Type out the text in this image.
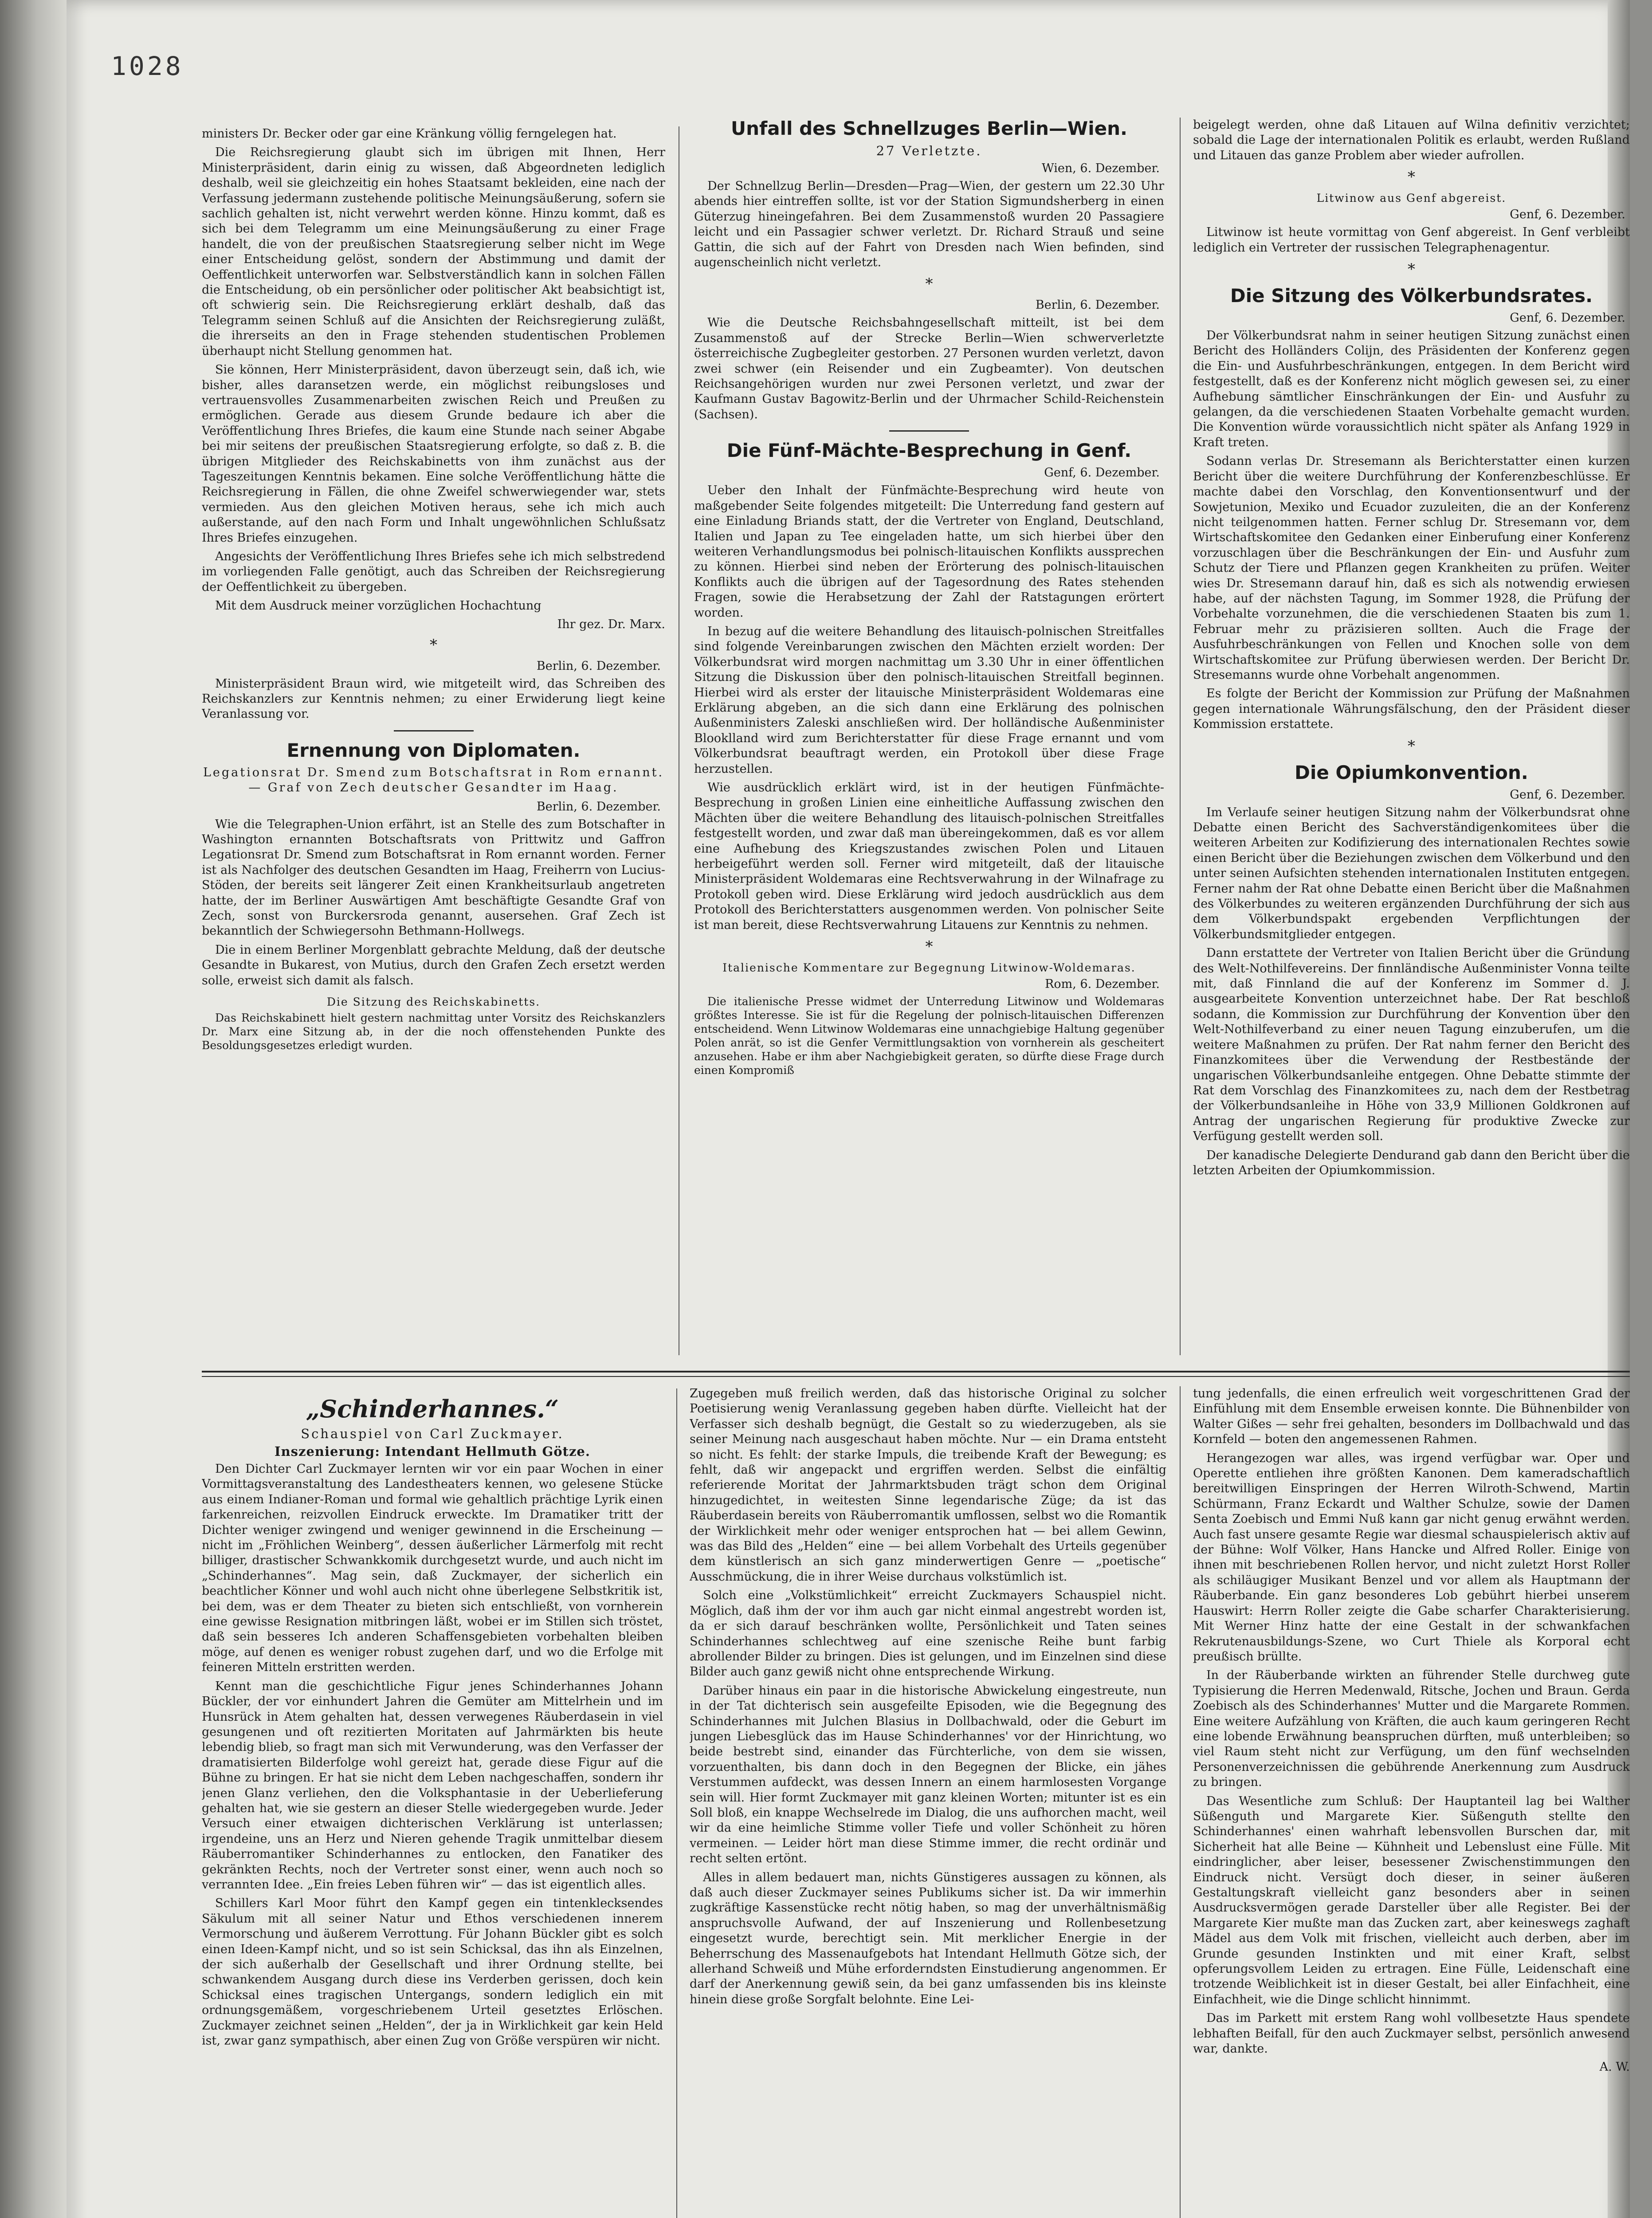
1028

ministers Dr. Becker oder gar eine Kränkung völlig ferngelegen hat.

Die Reichsregierung glaubt sich im übrigen mit Ihnen, Herr Ministerpräsident, darin einig zu wissen, daß Abgeordneten lediglich deshalb, weil sie gleichzeitig ein hohes Staatsamt bekleiden, eine nach der Verfassung jedermann zustehende politische Meinungsäußerung, sofern sie sachlich gehalten ist, nicht verwehrt werden könne. Hinzu kommt, daß es sich bei dem Telegramm um eine Meinungsäußerung zu einer Frage handelt, die von der preußischen Staatsregierung selber nicht im Wege einer Entscheidung gelöst, sondern der Abstimmung und damit der Oeffentlichkeit unterworfen war. Selbstverständlich kann in solchen Fällen die Entscheidung, ob ein persönlicher oder politischer Akt beabsichtigt ist, oft schwierig sein. Die Reichsregierung erklärt deshalb, daß das Telegramm seinen Schluß auf die Ansichten der Reichsregierung zuläßt, die ihrerseits an den in Frage stehenden studentischen Problemen überhaupt nicht Stellung genommen hat.

Sie können, Herr Ministerpräsident, davon überzeugt sein, daß ich, wie bisher, alles daransetzen werde, ein möglichst reibungsloses und vertrauensvolles Zusammenarbeiten zwischen Reich und Preußen zu ermöglichen. Gerade aus diesem Grunde bedaure ich aber die Veröffentlichung Ihres Briefes, die kaum eine Stunde nach seiner Abgabe bei mir seitens der preußischen Staatsregierung erfolgte, so daß z. B. die übrigen Mitglieder des Reichskabinetts von ihm zunächst aus der Tageszeitungen Kenntnis bekamen. Eine solche Veröffentlichung hätte die Reichsregierung in Fällen, die ohne Zweifel schwerwiegender war, stets vermieden. Aus den gleichen Motiven heraus, sehe ich mich auch außerstande, auf den nach Form und Inhalt ungewöhnlichen Schlußsatz Ihres Briefes einzugehen.

Angesichts der Veröffentlichung Ihres Briefes sehe ich mich selbstredend im vorliegenden Falle genötigt, auch das Schreiben der Reichsregierung der Oeffentlichkeit zu übergeben.

Mit dem Ausdruck meiner vorzüglichen Hochachtung

Ihr gez. Dr. Marx.
*
Berlin, 6. Dezember.

Ministerpräsident Braun wird, wie mitgeteilt wird, das Schreiben des Reichskanzlers zur Kenntnis nehmen; zu einer Erwiderung liegt keine Veranlassung vor.

Ernennung von Diplomaten.
Legationsrat Dr. Smend zum Botschaftsrat in Rom ernannt. — Graf von Zech deutscher Gesandter im Haag.
Berlin, 6. Dezember.

Wie die Telegraphen-Union erfährt, ist an Stelle des zum Botschafter in Washington ernannten Botschaftsrats von Prittwitz und Gaffron Legationsrat Dr. Smend zum Botschaftsrat in Rom ernannt worden. Ferner ist als Nachfolger des deutschen Gesandten im Haag, Freiherrn von Lucius-Stöden, der bereits seit längerer Zeit einen Krankheitsurlaub angetreten hatte, der im Berliner Auswärtigen Amt beschäftigte Gesandte Graf von Zech, sonst von Burckersroda genannt, ausersehen. Graf Zech ist bekanntlich der Schwiegersohn Bethmann-Hollwegs.

Die in einem Berliner Morgenblatt gebrachte Meldung, daß der deutsche Gesandte in Bukarest, von Mutius, durch den Grafen Zech ersetzt werden solle, erweist sich damit als falsch.

Die Sitzung des Reichskabinetts.

Das Reichskabinett hielt gestern nachmittag unter Vorsitz des Reichskanzlers Dr. Marx eine Sitzung ab, in der die noch offenstehenden Punkte des Besoldungsgesetzes erledigt wurden.

Unfall des Schnellzuges Berlin—Wien.
27 Verletzte.
Wien, 6. Dezember.

Der Schnellzug Berlin—Dresden—Prag—Wien, der gestern um 22.30 Uhr abends hier eintreffen sollte, ist vor der Station Sigmundsherberg in einen Güterzug hineingefahren. Bei dem Zusammenstoß wurden 20 Passagiere leicht und ein Passagier schwer verletzt. Dr. Richard Strauß und seine Gattin, die sich auf der Fahrt von Dresden nach Wien befinden, sind augenscheinlich nicht verletzt.

*
Berlin, 6. Dezember.

Wie die Deutsche Reichsbahngesellschaft mitteilt, ist bei dem Zusammenstoß auf der Strecke Berlin—Wien schwerverletzte österreichische Zugbegleiter gestorben. 27 Personen wurden verletzt, davon zwei schwer (ein Reisender und ein Zugbeamter). Von deutschen Reichsangehörigen wurden nur zwei Personen verletzt, und zwar der Kaufmann Gustav Bagowitz-Berlin und der Uhrmacher Schild-Reichenstein (Sachsen).

Die Fünf-Mächte-Besprechung in Genf.
Genf, 6. Dezember.

Ueber den Inhalt der Fünfmächte-Besprechung wird heute von maßgebender Seite folgendes mitgeteilt: Die Unterredung fand gestern auf eine Einladung Briands statt, der die Vertreter von England, Deutschland, Italien und Japan zu Tee eingeladen hatte, um sich hierbei über den weiteren Verhandlungsmodus bei polnisch-litauischen Konflikts aussprechen zu können. Hierbei sind neben der Erörterung des polnisch-litauischen Konflikts auch die übrigen auf der Tagesordnung des Rates stehenden Fragen, sowie die Herabsetzung der Zahl der Ratstagungen erörtert worden.

In bezug auf die weitere Behandlung des litauisch-polnischen Streitfalles sind folgende Vereinbarungen zwischen den Mächten erzielt worden: Der Völkerbundsrat wird morgen nachmittag um 3.30 Uhr in einer öffentlichen Sitzung die Diskussion über den polnisch-litauischen Streitfall beginnen. Hierbei wird als erster der litauische Ministerpräsident Woldemaras eine Erklärung abgeben, an die sich dann eine Erklärung des polnischen Außenministers Zaleski anschließen wird. Der holländische Außenminister Blooklland wird zum Berichterstatter für diese Frage ernannt und vom Völkerbundsrat beauftragt werden, ein Protokoll über diese Frage herzustellen.

Wie ausdrücklich erklärt wird, ist in der heutigen Fünfmächte-Besprechung in großen Linien eine einheitliche Auffassung zwischen den Mächten über die weitere Behandlung des litauisch-polnischen Streitfalles festgestellt worden, und zwar daß man übereingekommen, daß es vor allem eine Aufhebung des Kriegszustandes zwischen Polen und Litauen herbeigeführt werden soll. Ferner wird mitgeteilt, daß der litauische Ministerpräsident Woldemaras eine Rechtsverwahrung in der Wilnafrage zu Protokoll geben wird. Diese Erklärung wird jedoch ausdrücklich aus dem Protokoll des Berichterstatters ausgenommen werden. Von polnischer Seite ist man bereit, diese Rechtsverwahrung Litauens zur Kenntnis zu nehmen.

*
Italienische Kommentare zur Begegnung Litwinow-Woldemaras.
Rom, 6. Dezember.

Die italienische Presse widmet der Unterredung Litwinow und Woldemaras größtes Interesse. Sie ist für die Regelung der polnisch-litauischen Differenzen entscheidend. Wenn Litwinow Woldemaras eine unnachgiebige Haltung gegenüber Polen anrät, so ist die Genfer Vermittlungsaktion von vornherein als gescheitert anzusehen. Habe er ihm aber Nachgiebigkeit geraten, so dürfte diese Frage durch einen Kompromiß

beigelegt werden, ohne daß Litauen auf Wilna definitiv verzichtet; sobald die Lage der internationalen Politik es erlaubt, werden Rußland und Litauen das ganze Problem aber wieder aufrollen.

*
Litwinow aus Genf abgereist.
Genf, 6. Dezember.

Litwinow ist heute vormittag von Genf abgereist. In Genf verbleibt lediglich ein Vertreter der russischen Telegraphenagentur.

*
Die Sitzung des Völkerbundsrates.
Genf, 6. Dezember.

Der Völkerbundsrat nahm in seiner heutigen Sitzung zunächst einen Bericht des Holländers Colijn, des Präsidenten der Konferenz gegen die Ein- und Ausfuhrbeschränkungen, entgegen. In dem Bericht wird festgestellt, daß es der Konferenz nicht möglich gewesen sei, zu einer Aufhebung sämtlicher Einschränkungen der Ein- und Ausfuhr zu gelangen, da die verschiedenen Staaten Vorbehalte gemacht wurden. Die Konvention würde voraussichtlich nicht später als Anfang 1929 in Kraft treten.

Sodann verlas Dr. Stresemann als Berichterstatter einen kurzen Bericht über die weitere Durchführung der Konferenzbeschlüsse. Er machte dabei den Vorschlag, den Konventionsentwurf und der Sowjetunion, Mexiko und Ecuador zuzuleiten, die an der Konferenz nicht teilgenommen hatten. Ferner schlug Dr. Stresemann vor, dem Wirtschaftskomitee den Gedanken einer Einberufung einer Konferenz vorzuschlagen über die Beschränkungen der Ein- und Ausfuhr zum Schutz der Tiere und Pflanzen gegen Krankheiten zu prüfen. Weiter wies Dr. Stresemann darauf hin, daß es sich als notwendig erwiesen habe, auf der nächsten Tagung, im Sommer 1928, die Prüfung der Vorbehalte vorzunehmen, die die verschiedenen Staaten bis zum 1. Februar mehr zu präzisieren sollten. Auch die Frage der Ausfuhrbeschränkungen von Fellen und Knochen solle von dem Wirtschaftskomitee zur Prüfung überwiesen werden. Der Bericht Dr. Stresemanns wurde ohne Vorbehalt angenommen.

Es folgte der Bericht der Kommission zur Prüfung der Maßnahmen gegen internationale Währungsfälschung, den der Präsident dieser Kommission erstattete.

*
Die Opiumkonvention.
Genf, 6. Dezember.

Im Verlaufe seiner heutigen Sitzung nahm der Völkerbundsrat ohne Debatte einen Bericht des Sachverständigenkomitees über die weiteren Arbeiten zur Kodifizierung des internationalen Rechtes sowie einen Bericht über die Beziehungen zwischen dem Völkerbund und den unter seinen Aufsichten stehenden internationalen Instituten entgegen. Ferner nahm der Rat ohne Debatte einen Bericht über die Maßnahmen des Völkerbundes zu weiteren ergänzenden Durchführung der sich aus dem Völkerbundspakt ergebenden Verpflichtungen der Völkerbundsmitglieder entgegen.

Dann erstattete der Vertreter von Italien Bericht über die Gründung des Welt-Nothilfevereins. Der finnländische Außenminister Vonna teilte mit, daß Finnland die auf der Konferenz im Sommer d. J. ausgearbeitete Konvention unterzeichnet habe. Der Rat beschloß sodann, die Kommission zur Durchführung der Konvention über den Welt-Nothilfeverband zu einer neuen Tagung einzuberufen, um die weitere Maßnahmen zu prüfen. Der Rat nahm ferner den Bericht des Finanzkomitees über die Verwendung der Restbestände der ungarischen Völkerbundsanleihe entgegen. Ohne Debatte stimmte der Rat dem Vorschlag des Finanzkomitees zu, nach dem der Restbetrag der Völkerbundsanleihe in Höhe von 33,9 Millionen Goldkronen auf Antrag der ungarischen Regierung für produktive Zwecke zur Verfügung gestellt werden soll.

Der kanadische Delegierte Dendurand gab dann den Bericht über die letzten Arbeiten der Opiumkommission.

„Schinderhannes.“
Schauspiel von Carl Zuckmayer.
Inszenierung: Intendant Hellmuth Götze.

Den Dichter Carl Zuckmayer lernten wir vor ein paar Wochen in einer Vormittagsveranstaltung des Landestheaters kennen, wo gelesene Stücke aus einem Indianer-Roman und formal wie gehaltlich prächtige Lyrik einen farkenreichen, reizvollen Eindruck erweckte. Im Dramatiker tritt der Dichter weniger zwingend und weniger gewinnend in die Erscheinung — nicht im „Fröhlichen Weinberg“, dessen äußerlicher Lärmerfolg mit recht billiger, drastischer Schwankkomik durchgesetzt wurde, und auch nicht im „Schinderhannes“. Mag sein, daß Zuckmayer, der sicherlich ein beachtlicher Könner und wohl auch nicht ohne überlegene Selbstkritik ist, bei dem, was er dem Theater zu bieten sich entschließt, von vornherein eine gewisse Resignation mitbringen läßt, wobei er im Stillen sich tröstet, daß sein besseres Ich anderen Schaffensgebieten vorbehalten bleiben möge, auf denen es weniger robust zugehen darf, und wo die Erfolge mit feineren Mitteln erstritten werden.

Kennt man die geschichtliche Figur jenes Schinderhannes Johann Bückler, der vor einhundert Jahren die Gemüter am Mittelrhein und im Hunsrück in Atem gehalten hat, dessen verwegenes Räuberdasein in viel gesungenen und oft rezitierten Moritaten auf Jahrmärkten bis heute lebendig blieb, so fragt man sich mit Verwunderung, was den Verfasser der dramatisierten Bilderfolge wohl gereizt hat, gerade diese Figur auf die Bühne zu bringen. Er hat sie nicht dem Leben nachgeschaffen, sondern ihr jenen Glanz verliehen, den die Volksphantasie in der Ueberlieferung gehalten hat, wie sie gestern an dieser Stelle wiedergegeben wurde. Jeder Versuch einer etwaigen dichterischen Verklärung ist unterlassen; irgendeine, uns an Herz und Nieren gehende Tragik unmittelbar diesem Räuberromantiker Schinderhannes zu entlocken, den Fanatiker des gekränkten Rechts, noch der Vertreter sonst einer, wenn auch noch so verrannten Idee. „Ein freies Leben führen wir“ — das ist eigentlich alles.

Schillers Karl Moor führt den Kampf gegen ein tintenklecksendes Säkulum mit all seiner Natur und Ethos verschiedenen innerem Vermorschung und äußerem Verrottung. Für Johann Bückler gibt es solch einen Ideen-Kampf nicht, und so ist sein Schicksal, das ihn als Einzelnen, der sich außerhalb der Gesellschaft und ihrer Ordnung stellte, bei schwankendem Ausgang durch diese ins Verderben gerissen, doch kein Schicksal eines tragischen Untergangs, sondern lediglich ein mit ordnungsgemäßem, vorgeschriebenem Urteil gesetztes Erlöschen. Zuckmayer zeichnet seinen „Helden“, der ja in Wirklichkeit gar kein Held ist, zwar ganz sympathisch, aber einen Zug von Größe verspüren wir nicht.

Zugegeben muß freilich werden, daß das historische Original zu solcher Poetisierung wenig Veranlassung gegeben haben dürfte. Vielleicht hat der Verfasser sich deshalb begnügt, die Gestalt so zu wiederzugeben, als sie seiner Meinung nach ausgeschaut haben möchte. Nur — ein Drama entsteht so nicht. Es fehlt: der starke Impuls, die treibende Kraft der Bewegung; es fehlt, daß wir angepackt und ergriffen werden. Selbst die einfältig referierende Moritat der Jahrmarktsbuden trägt schon dem Original hinzugedichtet, in weitesten Sinne legendarische Züge; da ist das Räuberdasein bereits von Räuberromantik umflossen, selbst wo die Romantik der Wirklichkeit mehr oder weniger entsprochen hat — bei allem Gewinn, was das Bild des „Helden“ eine — bei allem Vorbehalt des Urteils gegenüber dem künstlerisch an sich ganz minderwertigen Genre — „poetische“ Ausschmückung, die in ihrer Weise durchaus volkstümlich ist.

Solch eine „Volkstümlichkeit“ erreicht Zuckmayers Schauspiel nicht. Möglich, daß ihm der vor ihm auch gar nicht einmal angestrebt worden ist, da er sich darauf beschränken wollte, Persönlichkeit und Taten seines Schinderhannes schlechtweg auf eine szenische Reihe bunt farbig abrollender Bilder zu bringen. Dies ist gelungen, und im Einzelnen sind diese Bilder auch ganz gewiß nicht ohne entsprechende Wirkung.

Darüber hinaus ein paar in die historische Abwickelung eingestreute, nun in der Tat dichterisch sein ausgefeilte Episoden, wie die Begegnung des Schinderhannes mit Julchen Blasius in Dollbachwald, oder die Geburt im jungen Liebesglück das im Hause Schinderhannes' vor der Hinrichtung, wo beide bestrebt sind, einander das Fürchterliche, von dem sie wissen, vorzuenthalten, bis dann doch in den Begegnen der Blicke, ein jähes Verstummen aufdeckt, was dessen Innern an einem harmlosesten Vorgange sein will. Hier formt Zuckmayer mit ganz kleinen Worten; mitunter ist es ein Soll bloß, ein knappe Wechselrede im Dialog, die uns aufhorchen macht, weil wir da eine heimliche Stimme voller Tiefe und voller Schönheit zu hören vermeinen. — Leider hört man diese Stimme immer, die recht ordinär und recht selten ertönt.

Alles in allem bedauert man, nichts Günstigeres aussagen zu können, als daß auch dieser Zuckmayer seines Publikums sicher ist. Da wir immerhin zugkräftige Kassenstücke recht nötig haben, so mag der unverhältnismäßig anspruchsvolle Aufwand, der auf Inszenierung und Rollenbesetzung eingesetzt wurde, berechtigt sein. Mit merklicher Energie in der Beherrschung des Massenaufgebots hat Intendant Hellmuth Götze sich, der allerhand Schweiß und Mühe erforderndsten Einstudierung angenommen. Er darf der Anerkennung gewiß sein, da bei ganz umfassenden bis ins kleinste hinein diese große Sorgfalt belohnte. Eine Lei-

tung jedenfalls, die einen erfreulich weit vorgeschrittenen Grad der Einfühlung mit dem Ensemble erweisen konnte. Die Bühnenbilder von Walter Gißes — sehr frei gehalten, besonders im Dollbachwald und das Kornfeld — boten den angemessenen Rahmen.

Herangezogen war alles, was irgend verfügbar war. Oper und Operette entliehen ihre größten Kanonen. Dem kameradschaftlich bereitwilligen Einspringen der Herren Wilroth-Schwend, Martin Schürmann, Franz Eckardt und Walther Schulze, sowie der Damen Senta Zoebisch und Emmi Nuß kann gar nicht genug erwähnt werden. Auch fast unsere gesamte Regie war diesmal schauspielerisch aktiv auf der Bühne: Wolf Völker, Hans Hancke und Alfred Roller. Einige von ihnen mit beschriebenen Rollen hervor, und nicht zuletzt Horst Roller als schiläugiger Musikant Benzel und vor allem als Hauptmann der Räuberbande. Ein ganz besonderes Lob gebührt hierbei unserem Hauswirt: Herrn Roller zeigte die Gabe scharfer Charakterisierung. Mit Werner Hinz hatte der eine Gestalt in der schwankfachen Rekrutenausbildungs-Szene, wo Curt Thiele als Korporal echt preußisch brüllte.

In der Räuberbande wirkten an führender Stelle durchweg gute Typisierung die Herren Medenwald, Ritsche, Jochen und Braun. Gerda Zoebisch als des Schinderhannes' Mutter und die Margarete Rommen. Eine weitere Aufzählung von Kräften, die auch kaum geringeren Recht eine lobende Erwähnung beanspruchen dürften, muß unterbleiben; so viel Raum steht nicht zur Verfügung, um den fünf wechselnden Personenverzeichnissen die gebührende Anerkennung zum Ausdruck zu bringen.

Das Wesentliche zum Schluß: Der Hauptanteil lag bei Walther Süßenguth und Margarete Kier. Süßenguth stellte den Schinderhannes' einen wahrhaft lebensvollen Burschen dar, mit Sicherheit hat alle Beine — Kühnheit und Lebenslust eine Fülle. Mit eindringlicher, aber leiser, besessener Zwischenstimmungen den Eindruck nicht. Versügt doch dieser, in seiner äußeren Gestaltungskraft vielleicht ganz besonders aber in seinen Ausdrucksvermögen gerade Darsteller über alle Register. Bei der Margarete Kier mußte man das Zucken zart, aber keineswegs zaghaft Mädel aus dem Volk mit frischen, vielleicht auch derben, aber im Grunde gesunden Instinkten und mit einer Kraft, selbst opferungsvollem Leiden zu ertragen. Eine Fülle, Leidenschaft eine trotzende Weiblichkeit ist in dieser Gestalt, bei aller Einfachheit, eine Einfachheit, wie die Dinge schlicht hinnimmt.

Das im Parkett mit erstem Rang wohl vollbesetzte Haus spendete lebhaften Beifall, für den auch Zuckmayer selbst, persönlich anwesend war, dankte.

A. W.
